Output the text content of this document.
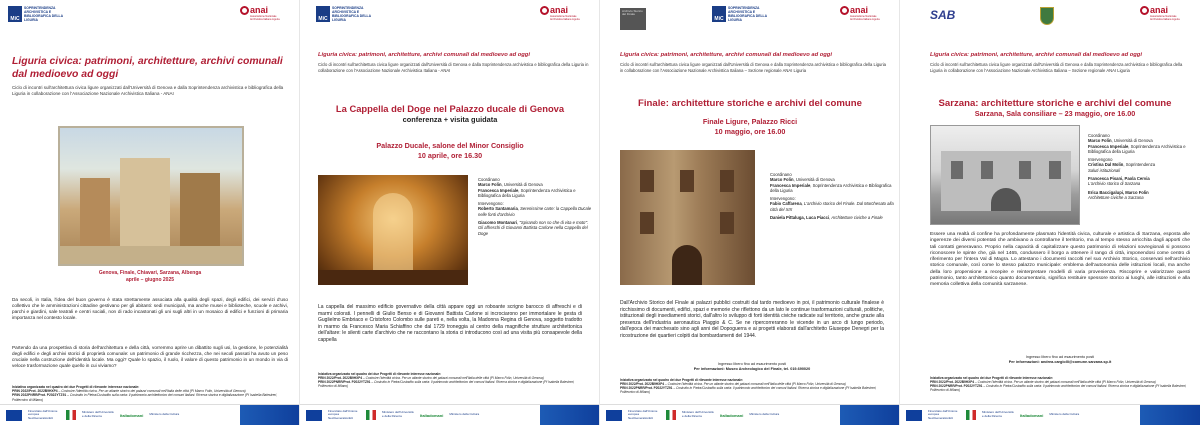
MiC
SOPRINTENDENZA ARCHIVISTICA E BIBLIOGRAFICA DELLA LIGURIA
anai
Associazione Nazionale Archivistica Italiana Liguria
Liguria civica: patrimoni, architetture, archivi comunali dal medioevo ad oggi
Ciclo di incontri sull'architettura civica ligure organizzati dall'Università di Genova e dalla Soprintendenza archivistica e bibliografica della Liguria in collaborazione con l'Associazione Nazionale Archivistica Italiana - ANAI
Genova, Finale, Chiavari, Sarzana, Albenga
aprile – giugno 2025
Da secoli, in Italia, l'idea del buon governo è stata strettamente associata alla qualità degli spazi, degli edifici, dei servizi d'uso collettivo che le amministrazioni cittadine gestivano per gli abitanti: sedi municipali, ma anche musei e biblioteche, scuole e archivi, parchi e giardini, sale teatrali e centri sociali, non di rado incastonati gli uni sugli altri in un mosaico di edifici e funzioni di primaria importanza nel contesto locale.
Partendo da una prospettiva di storia dell'architettura e della città, vorremmo aprire un dibattito sugli usi, la gestione, le potenzialità degli edifici e degli archivi storici di proprietà comunale: un patrimonio di grande ricchezza, che nei secoli passati ha avuto un peso cruciale nella costruzione dell'identità locale. Ma oggi? Quale lo spazio, il ruolo, il valore di questo patrimonio in un mondo in via di veloce trasformazione quale quello in cui viviamo?
Iniziativa organizzata nel quadro dei due Progetti di rilevante interesse nazionale:
PRIN 2022/Prot. 2022B9HXP4 – Costruire l'identità civica. Per un atlante storico dei palazzi comunali nell'Italia delle città (PI Marco Folin, Università di Genova)
PRIN 2022PNRR/Prot. P2022YTZ91 – Costruito in Pietra/Custodito sulla carta: Il patrimonio architettonico dei comuni italiani. Ricerca storica e digitalizzazione (PI Isabella Balestreri, Politecnico di Milano)
Finanziato dall'Unione europea NextGenerationEU
Ministero dell'Università e della Ricerca	Italiadomani Ministero della Cultura
MiC
SOPRINTENDENZA ARCHIVISTICA E BIBLIOGRAFICA DELLA LIGURIA
anai
Associazione Nazionale Archivistica Italiana Liguria
Liguria civica: patrimoni, architetture, archivi comunali dal medioevo ad oggi
Ciclo di incontri sull'architettura civica ligure organizzati dall'Università di Genova e dalla Soprintendenza archivistica e bibliografica della Liguria in collaborazione con l'Associazione Nazionale Archivistica Italiana - ANAI
La Cappella del Doge nel Palazzo ducale di Genova
conferenza + visita guidata
Palazzo Ducale, salone del Minor Consiglio
10 aprile, ore 16.30
Coordinano
Marco Folin, Università di Genova
Francesca Imperiale, Soprintendenza Archivistica e Bibliografica della Liguria
Intervengono:
Roberto Santamaria, Serenissime carte: la Cappella Ducale nelle fonti d'archivio
Giacomo Montanari, "Spirando non so che di vita e moto": Gli affreschi di Giovanni Battista Carlone nella Cappella del Doge
La cappella del massimo edificio governativo della città appare oggi un roboante scrigno barocco di affreschi e di marmi colorati. I pennelli di Giulio Benso e di Giovanni Battista Carlone si incrociarono per immortalare le gesta di Guglielmo Embriaco e Cristoforo Colombo sulle pareti e, nella volta, la Madonna Regina di Genova, soggetto tradotto in marmo da Francesco Maria Schiaffino che dal 1729 troneggia al centro della magnifiche strutture architettonica dell'altare: le silenti carte d'archivio che ne raccontano la storia ci introducono così ad una visita più consapevole della cappella
Iniziativa organizzata nel quadro dei due Progetti di rilevante interesse nazionale:
PRIN 2022/Prot. 2022B9HXP4 – Costruire l'identità civica. Per un atlante storico dei palazzi comunali nell'Italia delle città (PI Marco Folin, Università di Genova)
PRIN 2022PNRR/Prot. P2022YTZ91 – Costruito in Pietra/Custodito sulla carta: Il patrimonio architettonico dei comuni italiani. Ricerca storica e digitalizzazione (PI Isabella Balestreri, Politecnico di Milano)
Finanziato dall'Unione europea NextGenerationEU
Ministero dell'Università e della Ricerca	Italiadomani Ministero della Cultura
Archivio Storico del Finale
MiC
SOPRINTENDENZA ARCHIVISTICA E BIBLIOGRAFICA DELLA LIGURIA
anai
Associazione Nazionale Archivistica Italiana Liguria
Liguria civica: patrimoni, architetture, archivi comunali dal medioevo ad oggi
Ciclo di incontri sull'architettura civica ligure organizzati dall'Università di Genova e dalla Soprintendenza archivistica e bibliografica della Liguria in collaborazione con l'Associazione Nazionale Archivistica Italiana – Sezione regionale ANAI Liguria
Finale: architetture storiche e archivi del comune
Finale Ligure, Palazzo Ricci
10 maggio, ore 16.00
Coordinano
Marco Folin, Università di Genova
Francesca Imperiale, Soprintendenza Archivistica e Bibliografica della Liguria
Intervengono:
Fabio Caffarena, L'archivio storico del Finale. Dal Marchesato alla città del XIX
Daniela Pittaluga, Luca Piacci, Architetture civiche a Finale
Dall'Archivio Storico del Finale ai palazzi pubblici costruiti dal tardo medioevo in poi, il patrimonio culturale finalese è ricchissimo di documenti, edifici, spazi e memorie che riflettono da un lato le continue trasformazioni culturali, politiche, istituzionali degli insediamenti storici, dall'altro lo sviluppo di forti identità civiche radicate sul territorio, anche grazie alla presenza dell'industria aeronautica Piaggio & C. Se ne ripercorreranno le vicende in un arco di lungo periodo, dall'epoca dei marchesato sino agli anni del Dopoguerra e ai progetti elaborati dall'architetto Giuseppe Denegri per la ricostruzione dei quartieri colpiti dai bombardamenti del 1944.
Ingresso libero fino ad esaurimento posti
Per informazioni: Museo Archeologico del Finale, tel. 019.690020
Iniziativa organizzata nel quadro dei due Progetti di rilevante interesse nazionale:
PRIN 2022/Prot. 2022B9HXP4 – Costruire l'identità civica. Per un atlante storico dei palazzi comunali nell'Italia delle città (PI Marco Folin, Università di Genova)
PRIN 2022PNRR/Prot. P2022YTZ91 – Costruito in Pietra/Custodito sulla carta: Il patrimonio architettonico dei comuni italiani. Ricerca storica e digitalizzazione (PI Isabella Balestreri, Politecnico di Milano)
Finanziato dall'Unione europea NextGenerationEU
Ministero dell'Università e della Ricerca	Italiadomani Ministero della Cultura
SAB	anai
Associazione Nazionale Archivistica Italiana Liguria
Liguria civica: patrimoni, architetture, archivi comunali dal medioevo ad oggi
Ciclo di incontri sull'architettura civica ligure organizzati dall'Università di Genova e dalla Soprintendenza archivistica e bibliografica della Liguria in collaborazione con l'Associazione Nazionale Archivistica Italiana – Sezione regionale ANAI Liguria
Sarzana: architetture storiche e archivi del comune
Sarzana, Sala consiliare – 23 maggio, ore 16.00
Coordinano
Marco Folin, Università di Genova
Francesca Imperiale, Soprintendenza Archivistica e Bibliografica della Liguria
Intervengono
Cristina Dal Molin, Soprintendenza
Saluti istituzionali
Francesca Pisani, Paola Cervia
L'archivio storico di Sarzana
Erica Baccigalupi, Marco Folin
Architetture civiche a Sarzana
Essere una realtà di confine ha profondamente plasmato l'identità civica, culturale e artistica di Sarzana, esposta alle ingerenze dei diversi potentati che ambivano a controllarne il territorio, ma al tempo stesso arricchita dagli apporti che tali contatti generavano. Proprio nella capacità di capitalizzare questo patrimonio di relazioni sovregionali si possono riconoscere le spinte che, già nel 1465, condussero il borgo a ottenere il rango di città, imponendosi come centro di riferimento per l'intera Val di Magra. Lo attestano i documenti raccolti nel suo Archivio Storico, conservati nell'archivio storico comunale, così come lo stesso palazzo municipale: emblema dell'autonomia delle istituzioni locali, ma anche della loro propensione a recepire e reinterpretare modelli di varia provenienza. Riscoprire e valorizzare questi patrimonio, tanto architettonico quanto documentario, significa restituire spessore storico ai luoghi, alle istituzioni e alla memoria collettiva della comunità sarzanese.
Ingresso libero fino ad esaurimento posti
Per informazioni: andrea.cargiolli@comune.sarzana.sp.it
Iniziativa organizzata nel quadro dei due Progetti di rilevante interesse nazionale:
PRIN 2022/Prot. 2022B9HXP4 – Costruire l'identità civica. Per un atlante storico dei palazzi comunali nell'Italia delle città (PI Marco Folin, Università di Genova)
PRIN 2022PNRR/Prot. P2022YTZ91 – Costruito in Pietra/Custodito sulla carta: Il patrimonio architettonico dei comuni italiani. Ricerca storica e digitalizzazione (PI Isabella Balestreri, Politecnico di Milano)
Finanziato dall'Unione europea NextGenerationEU
Ministero dell'Università e della Ricerca	Italiadomani Ministero della Cultura
